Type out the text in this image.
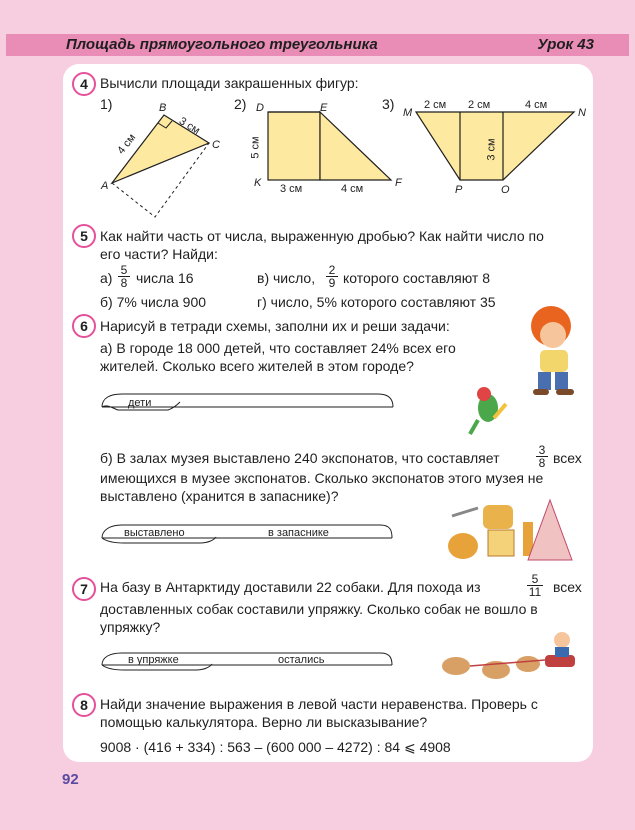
Площадь прямоугольного треугольника	Урок 43
4 Вычисли площади закрашенных фигур:
1)	B
C
A
4 см
3 см
2) D	E
K	F
5 см
3 см	4 см
3)
M	N
P	O
2 см 2 см	4 см
3 см
5 Как найти часть от числа, выраженную дробью? Как найти число по
его части? Найди:
$а) \frac{5}{8}$ числа 16	в) число, $\frac{2}{9}$ которого составляют 8
б) 7% числа 900	г) число, 5% которого составляют 35
6 Нарисуй в тетради схемы, заполни их и реши задачи:
а) В городе 18 000 детей, что составляет 24% всех его
жителей. Сколько всего жителей в этом городе?
дети
б) В залах музея выставлено 240 экспонатов, что составляет	$\frac{3}{8}$ всех
имеющихся в музее экспонатов. Сколько экспонатов этого музея не
выставлено (хранится в запаснике)?
выставлено	в запаснике
7 На базу в Антарктиду доставили 22 собаки. Для похода из	$\frac{5}{11}$ всех
доставленных собак составили упряжку. Сколько собак не вошло в
упряжку?
в упряжке	остались
8 Найди значение выражения в левой части неравенства. Проверь с
помощью калькулятора. Верно ли высказывание?
9008 · (416 + 334) : 563 – (600 000 – 4272) : 84 ⩽ 4908
92
